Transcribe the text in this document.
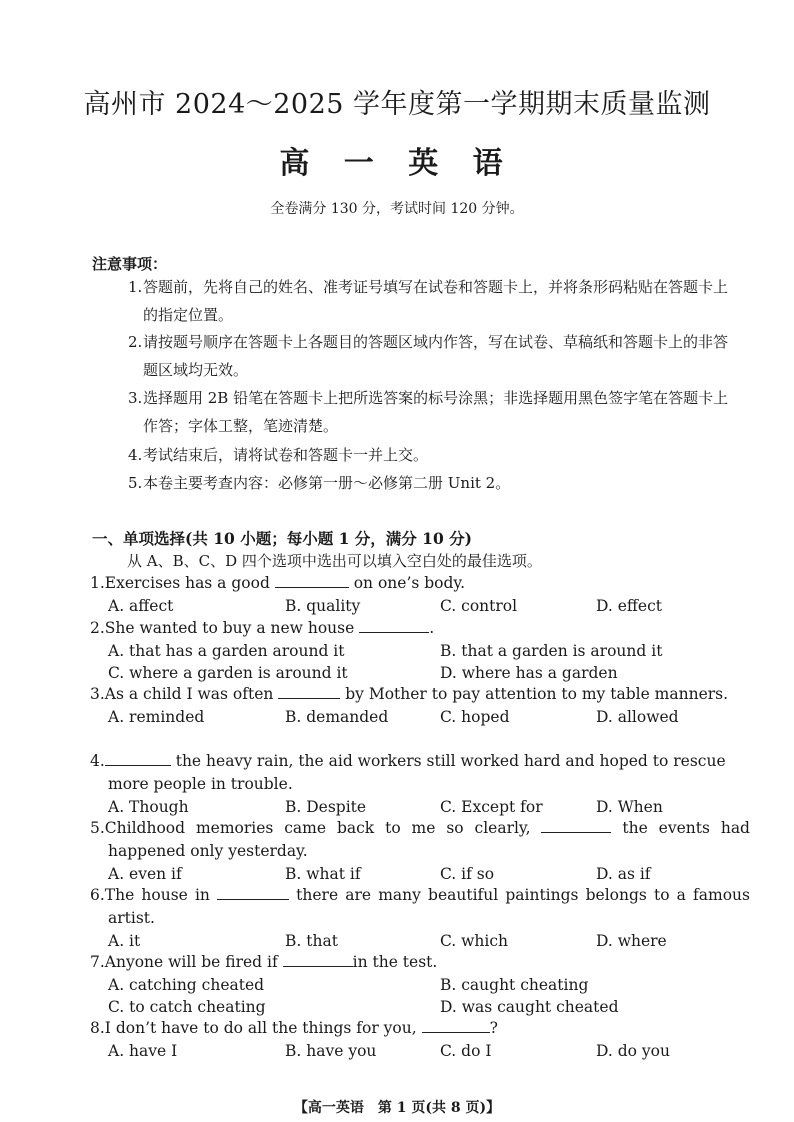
高州市 2024～2025 学年度第一学期期末质量监测
高 一 英 语
全卷满分 130 分，考试时间 120 分钟。
注意事项：
1. 答题前，先将自己的姓名、准考证号填写在试卷和答题卡上，并将条形码粘贴在答题卡上的指定位置。
2. 请按题号顺序在答题卡上各题目的答题区域内作答，写在试卷、草稿纸和答题卡上的非答题区域均无效。
3. 选择题用 2B 铅笔在答题卡上把所选答案的标号涂黑；非选择题用黑色签字笔在答题卡上作答；字体工整，笔迹清楚。
4. 考试结束后，请将试卷和答题卡一并上交。
5. 本卷主要考查内容：必修第一册～必修第二册 Unit 2。
一、单项选择(共 10 小题；每小题 1 分，满分 10 分)
从 A、B、C、D 四个选项中选出可以填入空白处的最佳选项。
1.Exercises has a good	on one’s body.
A. affect	B. quality	C. control	D. effect
2.She wanted to buy a new house	.
A. that has a garden around it	B. that a garden is around it
C. where a garden is around it	D. where has a garden
3.As a child I was often	by Mother to pay attention to my table manners.
A. reminded	B. demanded	C. hoped	D. allowed
4.	the heavy rain, the aid workers still worked hard and hoped to rescue more people in trouble.
A. Though	B. Despite	C. Except for	D. When
5.Childhood memories came back to me so clearly,	the events had happened only yesterday.
A. even if	B. what if	C. if so	D. as if
6.The house in	there are many beautiful paintings belongs to a famous artist.
A. it	B. that	C. which	D. where
7.Anyone will be fired if	in the test.
A. catching cheated	B. caught cheating
C. to catch cheating	D. was caught cheated
8.I don’t have to do all the things for you,	?
A. have I	B. have you	C. do I	D. do you
【高一英语　第 1 页(共 8 页)】
